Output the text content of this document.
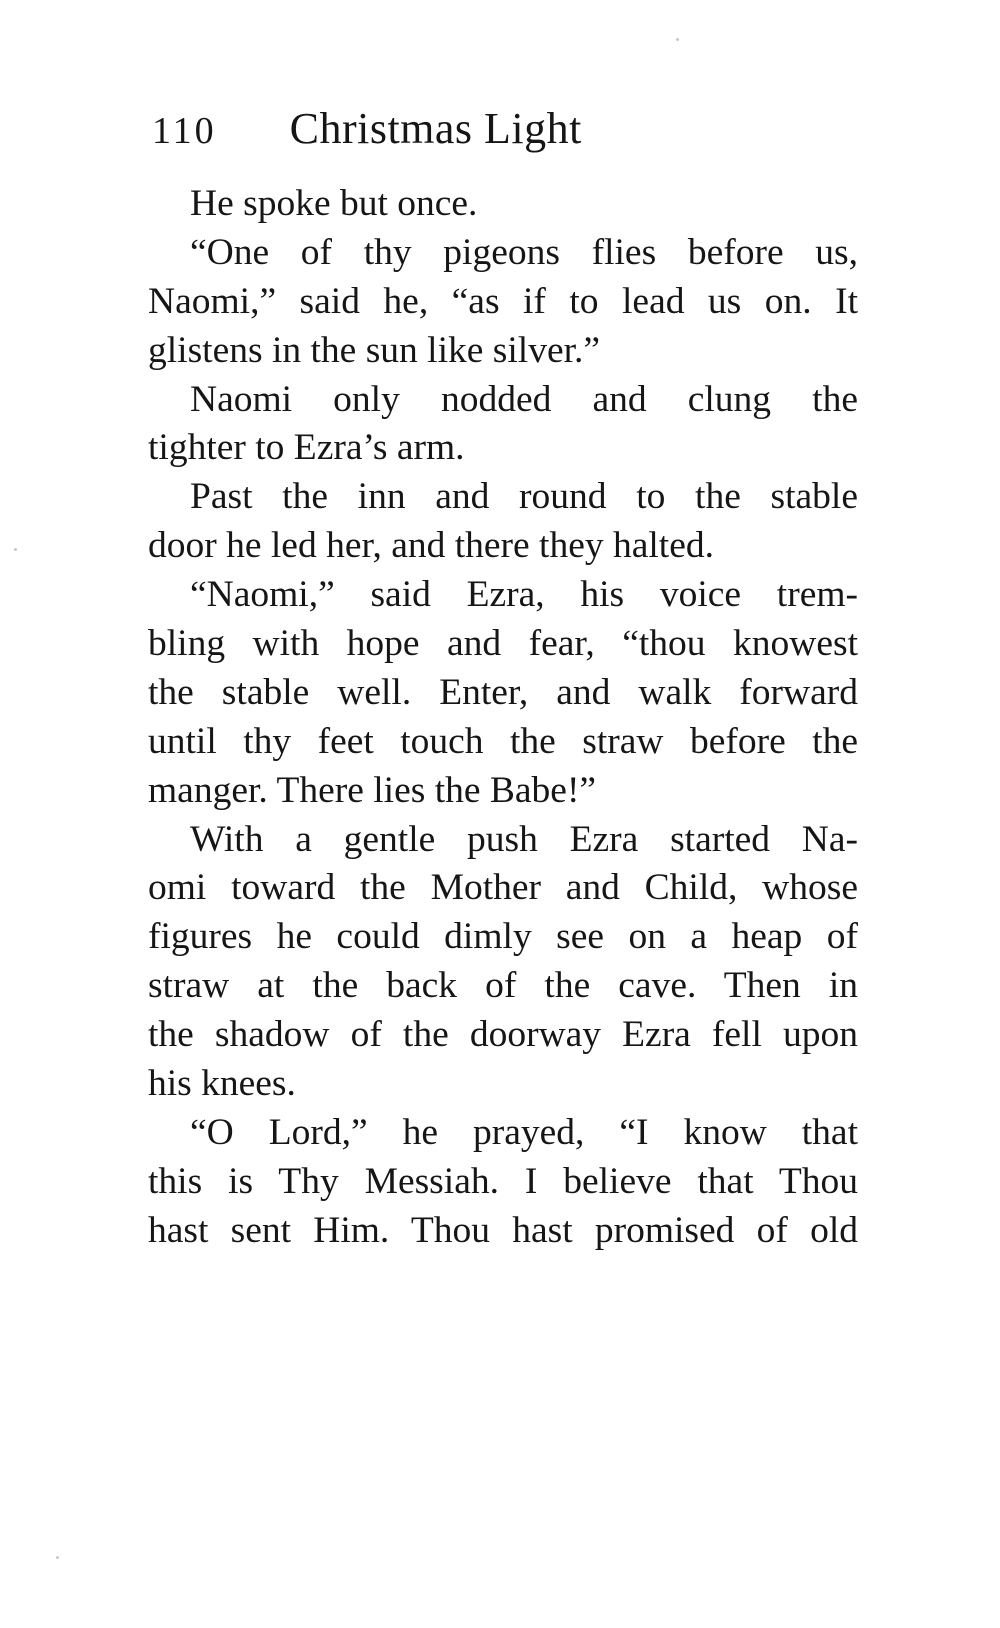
110 Christmas Light
He spoke but once.
“One of thy pigeons flies before us,
Naomi,” said he, “as if to lead us on. It
glistens in the sun like silver.”
Naomi only nodded and clung the
tighter to Ezra’s arm.
Past the inn and round to the stable
door he led her, and there they halted.
“Naomi,” said Ezra, his voice trem-
bling with hope and fear, “thou knowest
the stable well. Enter, and walk forward
until thy feet touch the straw before the
manger. There lies the Babe!”
With a gentle push Ezra started Na-
omi toward the Mother and Child, whose
figures he could dimly see on a heap of
straw at the back of the cave. Then in
the shadow of the doorway Ezra fell upon
his knees.
“O Lord,” he prayed, “I know that
this is Thy Messiah. I believe that Thou
hast sent Him. Thou hast promised of old
